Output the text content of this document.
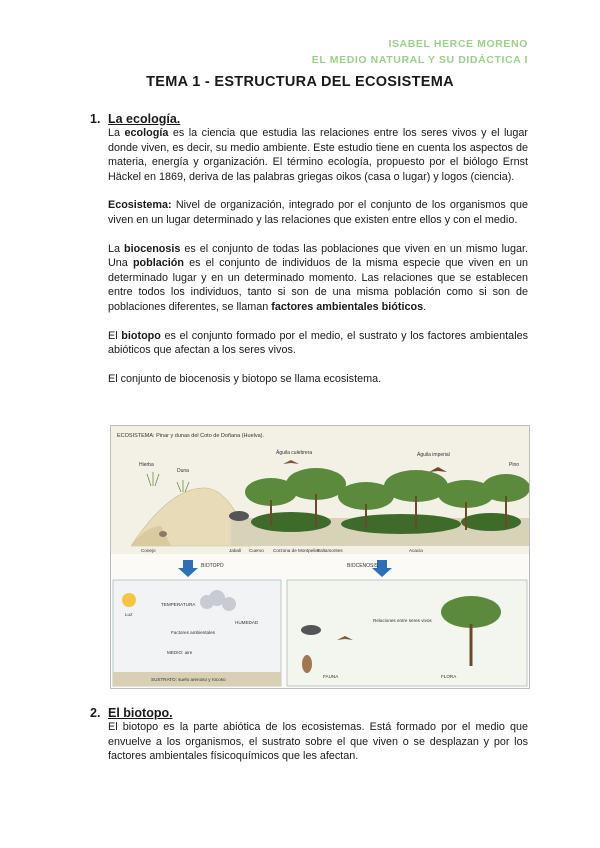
ISABEL HERCE MORENO
EL MEDIO NATURAL Y SU DIDÁCTICA I
TEMA 1 - ESTRUCTURA DEL ECOSISTEMA
1. La ecología.

La ecología es la ciencia que estudia las relaciones entre los seres vivos y el lugar donde viven, es decir, su medio ambiente. Este estudio tiene en cuenta los aspectos de materia, energía y organización. El término ecología, propuesto por el biólogo Ernst Häckel en 1869, deriva de las palabras griegas oikos (casa o lugar) y logos (ciencia).

Ecosistema: Nivel de organización, integrado por el conjunto de los organismos que viven en un lugar determinado y las relaciones que existen entre ellos y con el medio.

La biocenosis es el conjunto de todas las poblaciones que viven en un mismo lugar. Una población es el conjunto de individuos de la misma especie que viven en un determinado lugar y en un determinado momento. Las relaciones que se establecen entre todos los individuos, tanto si son de una misma población como si son de poblaciones diferentes, se llaman factores ambientales bióticos.

El biotopo es el conjunto formado por el medio, el sustrato y los factores ambientales abióticos que afectan a los seres vivos.

El conjunto de biocenosis y biotopo se llama ecosistema.

ECOSISTEMA: Pinar y dunas del Coto de Doñana (Huelva).
Hierba
Duna
Águila culebrera	Águila imperial
Pino
Conejo	Jabalí Cuervo Corzona de Montpelier
Saltamontes	Acacia
BIOTOPO	BIOCENOSIS
TEMPERATURA
Luz
HUMEDAD
Factores ambientales
MEDIO: aire
SUSTRATO: suelo arenoso y rocoso
Relaciones entre seres vivos
FAUNA	FLORA
2. El biotopo.

El biotopo es la parte abiótica de los ecosistemas. Está formado por el medio que envuelve a los organismos, el sustrato sobre el que viven o se desplazan y por los factores ambientales físicoquímicos que les afectan.
